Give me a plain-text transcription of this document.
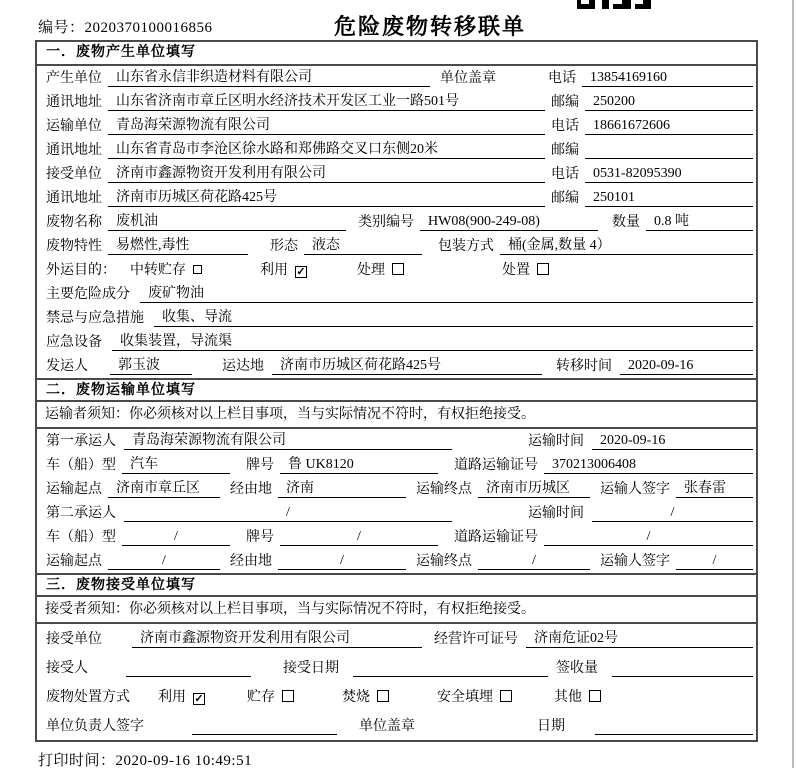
编号：2020370100016856	危险废物转移联单
一．废物产生单位填写
产生单位	山东省永信非织造材料有限公司	单位盖章	电话	13854169160
通讯地址	山东省济南市章丘区明水经济技术开发区工业一路501号	邮编	250200
运输单位	青岛海荣源物流有限公司	电话	18661672606
通讯地址	山东省青岛市李沧区徐水路和郑佛路交叉口东侧20米	邮编
接受单位	济南市鑫源物资开发利用有限公司	电话	0531-82095390
通讯地址	济南市历城区荷花路425号	邮编	250101
废物名称	废机油	类别编号	HW08(900-249-08)	数量	0.8 吨
废物特性	易燃性,毒性	形态	液态	包装方式	桶(金属,数量 4）
外运目的： 中转贮存	利用 ✓	处理	处置
主要危险成分	废矿物油
禁忌与应急措施	收集、导流
应急设备	收集装置，导流渠
发运人	郭玉波	运达地	济南市历城区荷花路425号	转移时间	2020-09-16
二．废物运输单位填写
运输者须知：你必须核对以上栏目事项，当与实际情况不符时，有权拒绝接受。
第一承运人	青岛海荣源物流有限公司	运输时间	2020-09-16
车（船）型	汽车	牌号	鲁 UK8120	道路运输证号	370213006408
运输起点	济南市章丘区	经由地	济南	运输终点	济南市历城区	运输人签字	张春雷
第二承运人	/	运输时间	/
车（船）型	/	牌号	/	道路运输证号	/
运输起点	/	经由地	/	运输终点	/	运输人签字	/
三．废物接受单位填写
接受者须知：你必须核对以上栏目事项，当与实际情况不符时，有权拒绝接受。
接受单位	济南市鑫源物资开发利用有限公司	经营许可证号	济南危证02号
接受人	接受日期	签收量
废物处置方式 利用 ✓	贮存	焚烧	安全填埋	其他
单位负责人签字	单位盖章	日期
打印时间：2020-09-16 10:49:51
